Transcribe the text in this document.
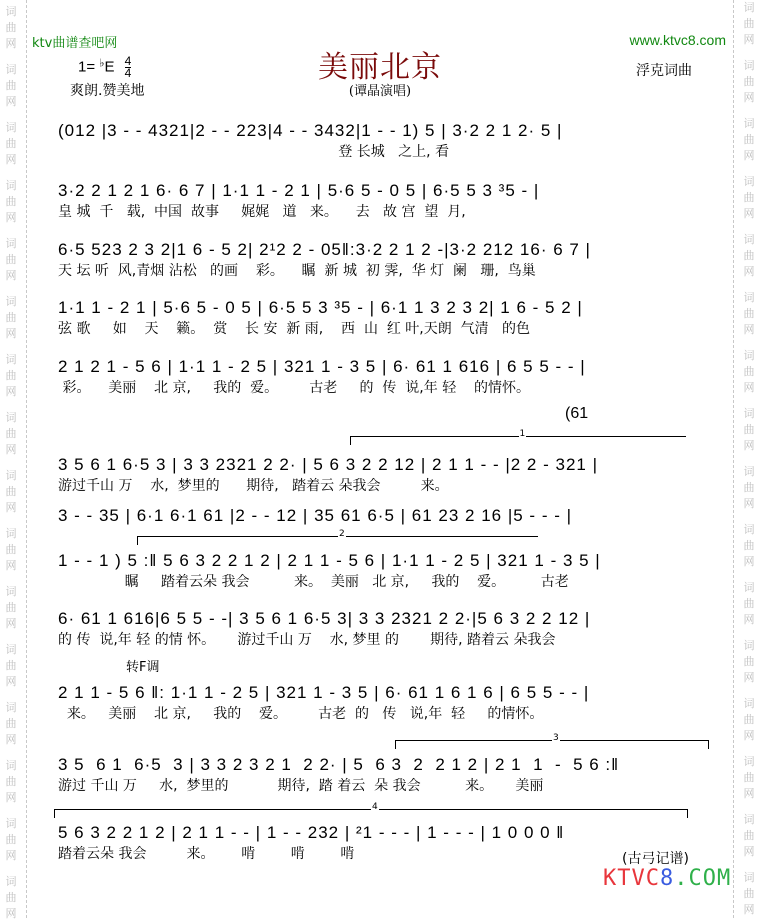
词
曲
网
词
曲
网
词
曲
网
词
曲
网
词
曲
网
词
曲
网
词
曲
网
词
曲
网
词
曲
网
词
曲
网
词
曲
网
词
曲
网
词
曲
网
词
曲
网
词
曲
网
词
曲
网
词
曲
网
词
曲
网
词
曲
网
词
曲
网
词
曲
网
词
曲
网
词
曲
网
词
曲
网
词
曲
网
词
曲
网
词
曲
网
词
曲
网
词
曲
网
词
曲
网
词
曲
网
词
曲
网
ktv曲谱查吧网	www.ktvc8.com
美丽北京
(谭晶演唱)
$1= ^♭E \frac{4}{4}$
爽朗.赞美地
浮克词曲
(012 |3 - - 4321|2 - - 223|4 - - 3432|1 - - 1) 5 | 3·2 2 1 2· 5 |
登 长城   之上, 看
3·2 2 1 2 1 6· 6 7 | 1·1 1 - 2 1 | 5·6 5 - 0 5 | 6·5 5 3 ³5 - |
皇 城  千   载,  中国  故事     娓娓   道   来。    去   故 宫  望  月,
6·5 523 2 3 2|1 6 - 5 2| 2¹2 2 - 05‖:3·2 2 1 2 -|3·2 212 16· 6 7 |
天 坛 听  风,青烟 沾松   的画    彩。    瞩  新 城  初 霁,  华 灯  阑   珊,  鸟巢
1·1 1 - 2 1 | 5·6 5 - 0 5 | 6·5 5 3 ³5 - | 6·1 1 3 2 3 2| 1 6 - 5 2 |
弦 歌     如    天    籁。  赏    长 安  新 雨,    西  山  红 叶,天朗  气清   的色
2 1 2 1 - 5 6 | 1·1 1 - 2 5 | 321 1 - 3 5 | 6· 61 1 616 | 6 5 5 - - |
彩。    美丽    北 京,     我的  爱。       古老     的  传  说,年 轻    的情怀。
(61
1
3 5 6 1 6·5 3 | 3 3 2321 2 2· | 5 6 3 2 2 12 | 2 1 1 - - |2 2 - 321 |
游过千山 万    水,  梦里的      期待,   踏着云 朵我会         来。
3 - - 35 | 6·1 6·1 61 |2 - - 12 | 35 61 6·5 | 61 23 2 16 |5 - - - |
2
1 - - 1 ) 5 :‖ 5 6 3 2 2 1 2 | 2 1 1 - 5 6 | 1·1 1 - 2 5 | 321 1 - 3 5 |
瞩     踏着云朵 我会          来。  美丽   北 京,     我的    爱。        古老
6· 61 1 616|6 5 5 - -| 3 5 6 1 6·5 3| 3 3 2321 2 2·|5 6 3 2 2 12 |
的 传  说,年 轻 的情 怀。     游过千山 万    水, 梦里 的       期待, 踏着云 朵我会
转F调
2 1 1 - 5 6 ‖: 1·1 1 - 2 5 | 321 1 - 3 5 | 6· 61 1 6 1 6 | 6 5 5 - - |
来。   美丽    北 京,     我的    爱。       古老  的   传   说,年  轻     的情怀。
3
3 5  6 1  6·5  3 | 3 3 2 3 2 1  2 2· | 5  6 3  2  2 1 2 | 2 1  1  -  5 6 :‖
游过 千山 万     水,  梦里的           期待,  踏 着云  朵 我会          来。     美丽
4
5 6 3 2 2 1 2 | 2 1 1 - - | 1 - - 232 | ²1 - - - | 1 - - - | 1 0 0 0 ‖
踏着云朵 我会         来。      啃        啃        啃	(古弓记谱)
KTVC8.COM
